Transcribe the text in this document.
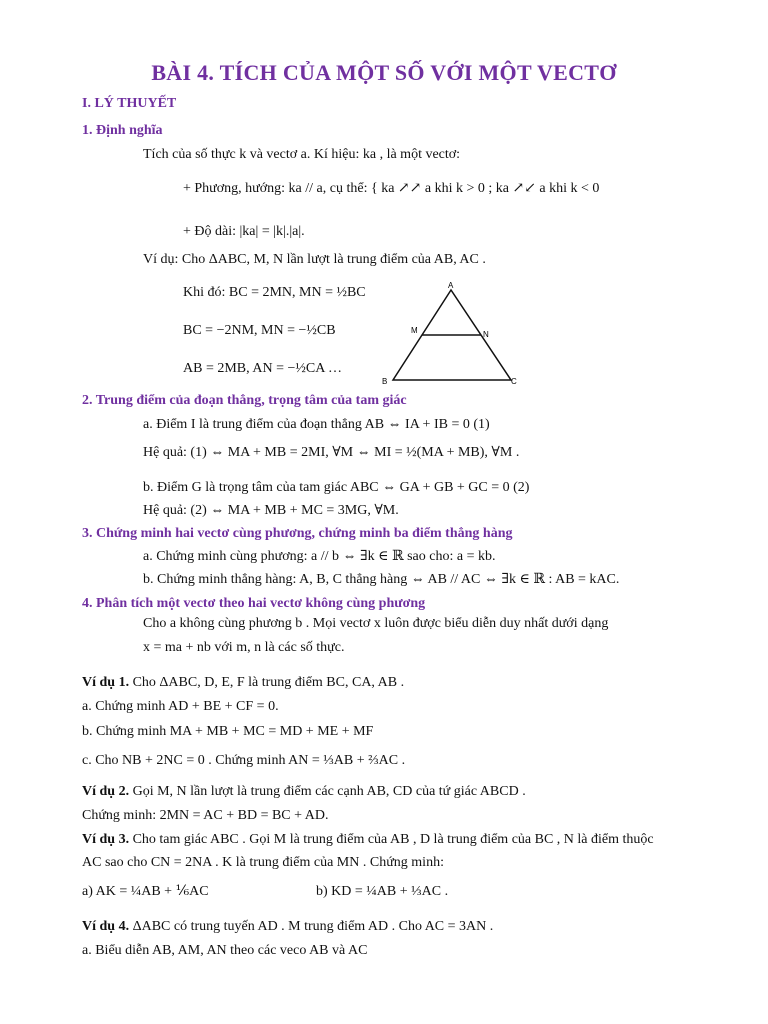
BÀI 4. TÍCH CỦA MỘT SỐ VỚI MỘT VECTƠ
I. LÝ THUYẾT
1. Định nghĩa
Tích của số thực k và vectơ a. Kí hiệu: ka , là một vectơ:
+ Phương, hướng: ka // a, cụ thể: { ka ↗↗ a khi k > 0 ; ka ↗↙ a khi k < 0
+ Độ dài: |ka| = |k|.|a|.
Ví dụ: Cho ΔABC, M, N lần lượt là trung điểm của AB, AC .
Khi đó: BC = 2MN, MN = ½BC
BC = −2NM, MN = −½CB
AB = 2MB, AN = −½CA …
A
M	N
B	C
2. Trung điểm của đoạn thẳng, trọng tâm của tam giác
a. Điểm I là trung điểm của đoạn thẳng AB ⇔ IA + IB = 0 (1)
Hệ quả: (1) ⇔ MA + MB = 2MI, ∀M ⇔ MI = ½(MA + MB), ∀M .
b. Điểm G là trọng tâm của tam giác ABC ⇔ GA + GB + GC = 0 (2)
Hệ quả: (2) ⇔ MA + MB + MC = 3MG, ∀M.
3. Chứng minh hai vectơ cùng phương, chứng minh ba điểm thẳng hàng
a. Chứng minh cùng phương: a // b ⇔ ∃k ∈ ℝ sao cho: a = kb.
b. Chứng minh thẳng hàng: A, B, C thẳng hàng ⇔ AB // AC ⇔ ∃k ∈ ℝ : AB = kAC.
4. Phân tích một vectơ theo hai vectơ không cùng phương
Cho a không cùng phương b . Mọi vectơ x luôn được biểu diễn duy nhất dưới dạng
x = ma + nb với m, n là các số thực.
Ví dụ 1. Cho ΔABC, D, E, F là trung điểm BC, CA, AB .
a. Chứng minh AD + BE + CF = 0.
b. Chứng minh MA + MB + MC = MD + ME + MF
c. Cho NB + 2NC = 0 . Chứng minh AN = ⅓AB + ⅔AC .
Ví dụ 2. Gọi M, N lần lượt là trung điểm các cạnh AB, CD của tứ giác ABCD .
Chứng minh: 2MN = AC + BD = BC + AD.
Ví dụ 3. Cho tam giác ABC . Gọi M là trung điểm của AB , D là trung điểm của BC , N là điểm thuộc
AC sao cho CN = 2NA . K là trung điểm của MN . Chứng minh:
a) AK = ¼AB + ⅙AC	b) KD = ¼AB + ⅓AC .
Ví dụ 4. ΔABC có trung tuyến AD . M trung điểm AD . Cho AC = 3AN .
a. Biểu diễn AB, AM, AN theo các veco AB và AC
